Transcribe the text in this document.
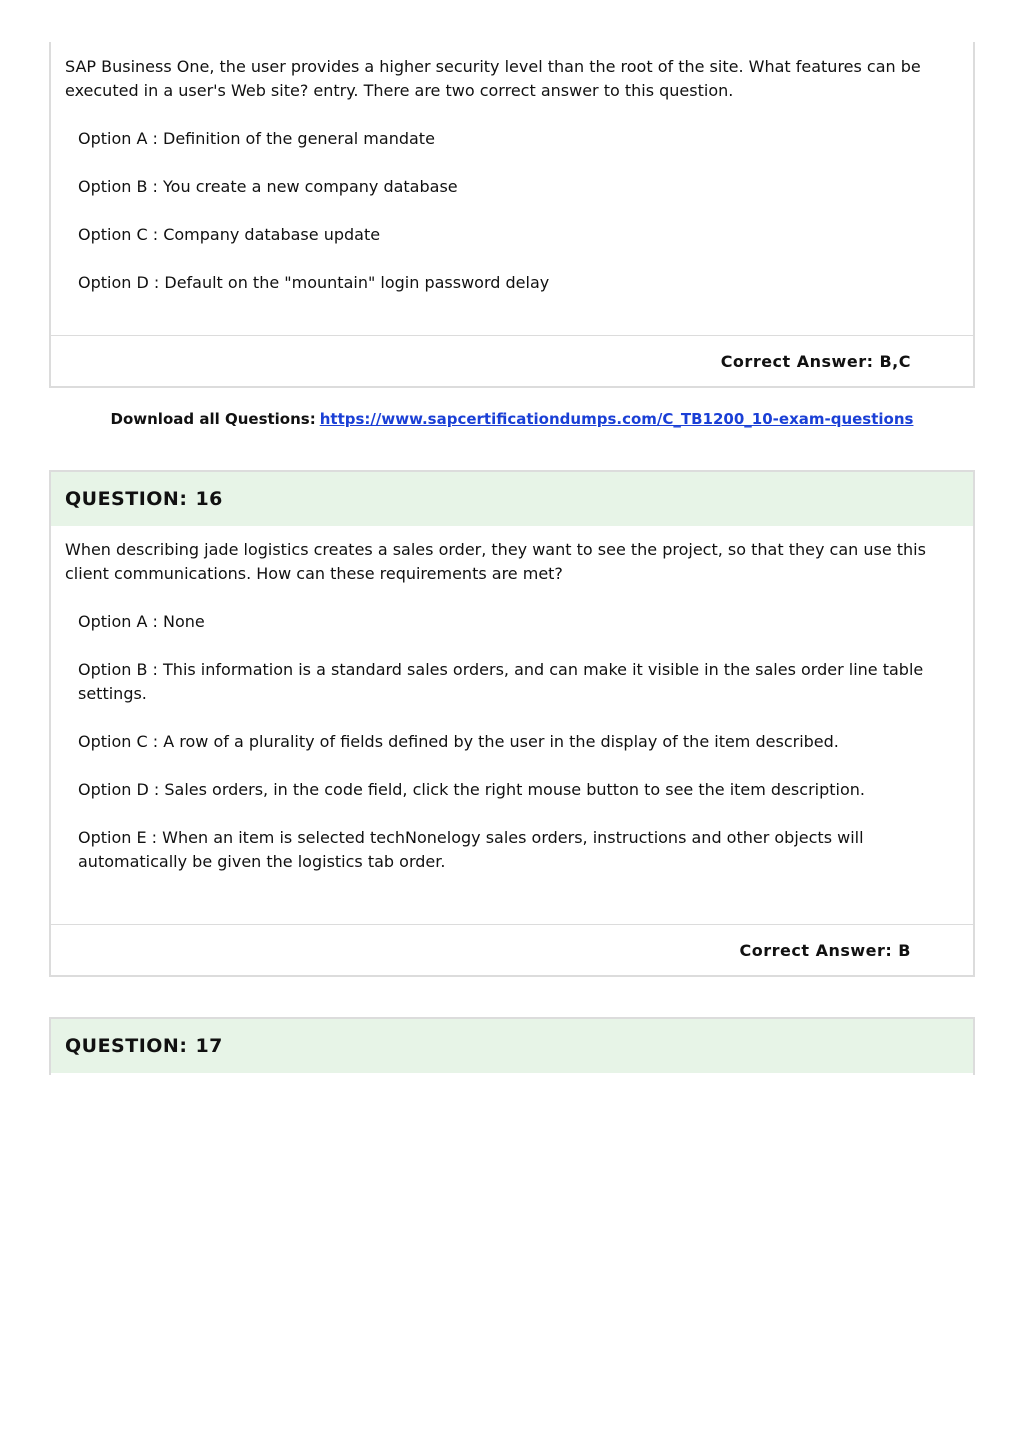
SAP Business One, the user provides a higher security level than the root of the site. What features can be executed in a user's Web site? entry. There are two correct answer to this question.

Option A : Definition of the general mandate
Option B : You create a new company database
Option C : Company database update
Option D : Default on the "mountain" login password delay
Correct Answer: B,C
Download all Questions: https://www.sapcertificationdumps.com/C_TB1200_10-exam-questions
QUESTION: 16

When describing jade logistics creates a sales order, they want to see the project, so that they can use this client communications. How can these requirements are met?

Option A : None
Option B : This information is a standard sales orders, and can make it visible in the sales order line table settings.
Option C : A row of a plurality of fields defined by the user in the display of the item described.
Option D : Sales orders, in the code field, click the right mouse button to see the item description.
Option E : When an item is selected techNonelogy sales orders, instructions and other objects will automatically be given the logistics tab order.
Correct Answer: B
QUESTION: 17
